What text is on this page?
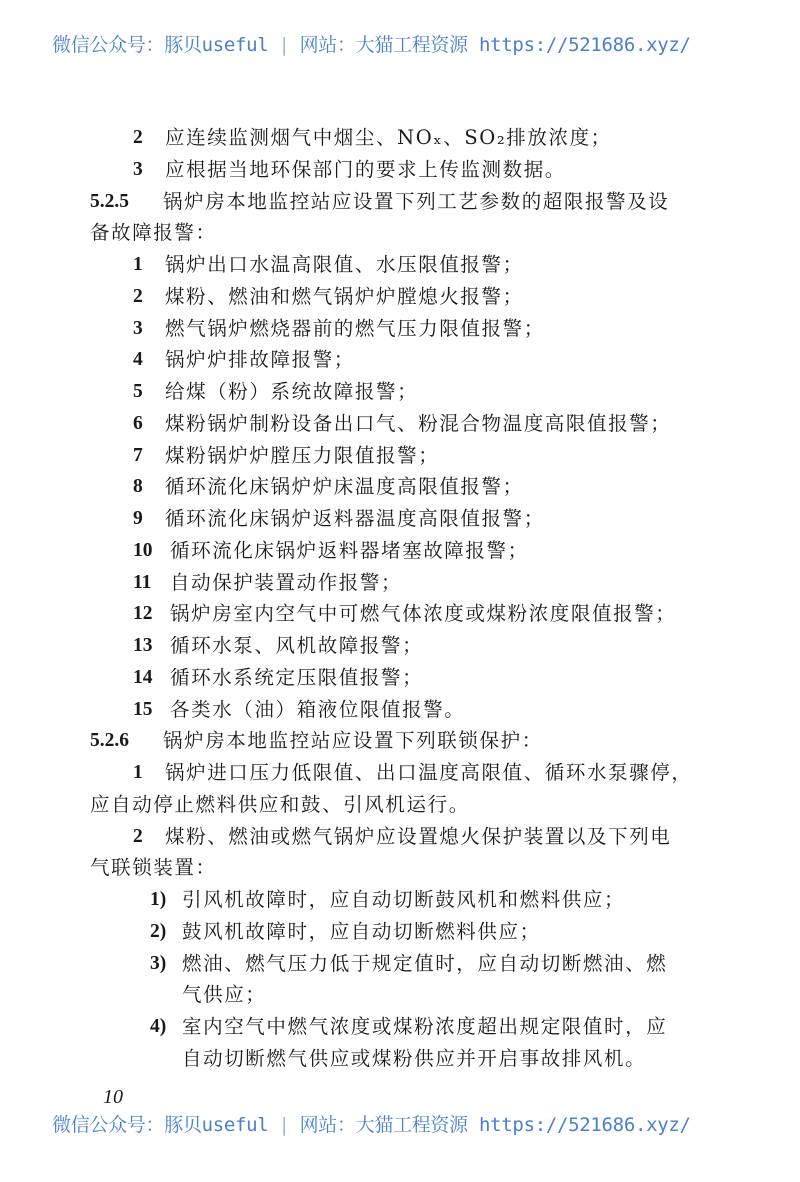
微信公众号：豚贝useful | 网站：大猫工程资源 https://521686.xyz/
2 应连续监测烟气中烟尘、NOₓ、SO₂排放浓度；
3 应根据当地环保部门的要求上传监测数据。
5.2.5	锅炉房本地监控站应设置下列工艺参数的超限报警及设
备故障报警：
1 锅炉出口水温高限值、水压限值报警；
2 煤粉、燃油和燃气锅炉炉膛熄火报警；
3 燃气锅炉燃烧器前的燃气压力限值报警；
4 锅炉炉排故障报警；
5 给煤（粉）系统故障报警；
6 煤粉锅炉制粉设备出口气、粉混合物温度高限值报警；
7 煤粉锅炉炉膛压力限值报警；
8 循环流化床锅炉炉床温度高限值报警；
9 循环流化床锅炉返料器温度高限值报警；
10 循环流化床锅炉返料器堵塞故障报警；
11 自动保护装置动作报警；
12 锅炉房室内空气中可燃气体浓度或煤粉浓度限值报警；
13 循环水泵、风机故障报警；
14 循环水系统定压限值报警；
15 各类水（油）箱液位限值报警。
5.2.6	锅炉房本地监控站应设置下列联锁保护：
1 锅炉进口压力低限值、出口温度高限值、循环水泵骤停，
应自动停止燃料供应和鼓、引风机运行。
2 煤粉、燃油或燃气锅炉应设置熄火保护装置以及下列电
气联锁装置：
1) 引风机故障时，应自动切断鼓风机和燃料供应；
2) 鼓风机故障时，应自动切断燃料供应；
3) 燃油、燃气压力低于规定值时，应自动切断燃油、燃
气供应；
4) 室内空气中燃气浓度或煤粉浓度超出规定限值时，应
自动切断燃气供应或煤粉供应并开启事故排风机。
10
微信公众号：豚贝useful | 网站：大猫工程资源 https://521686.xyz/
